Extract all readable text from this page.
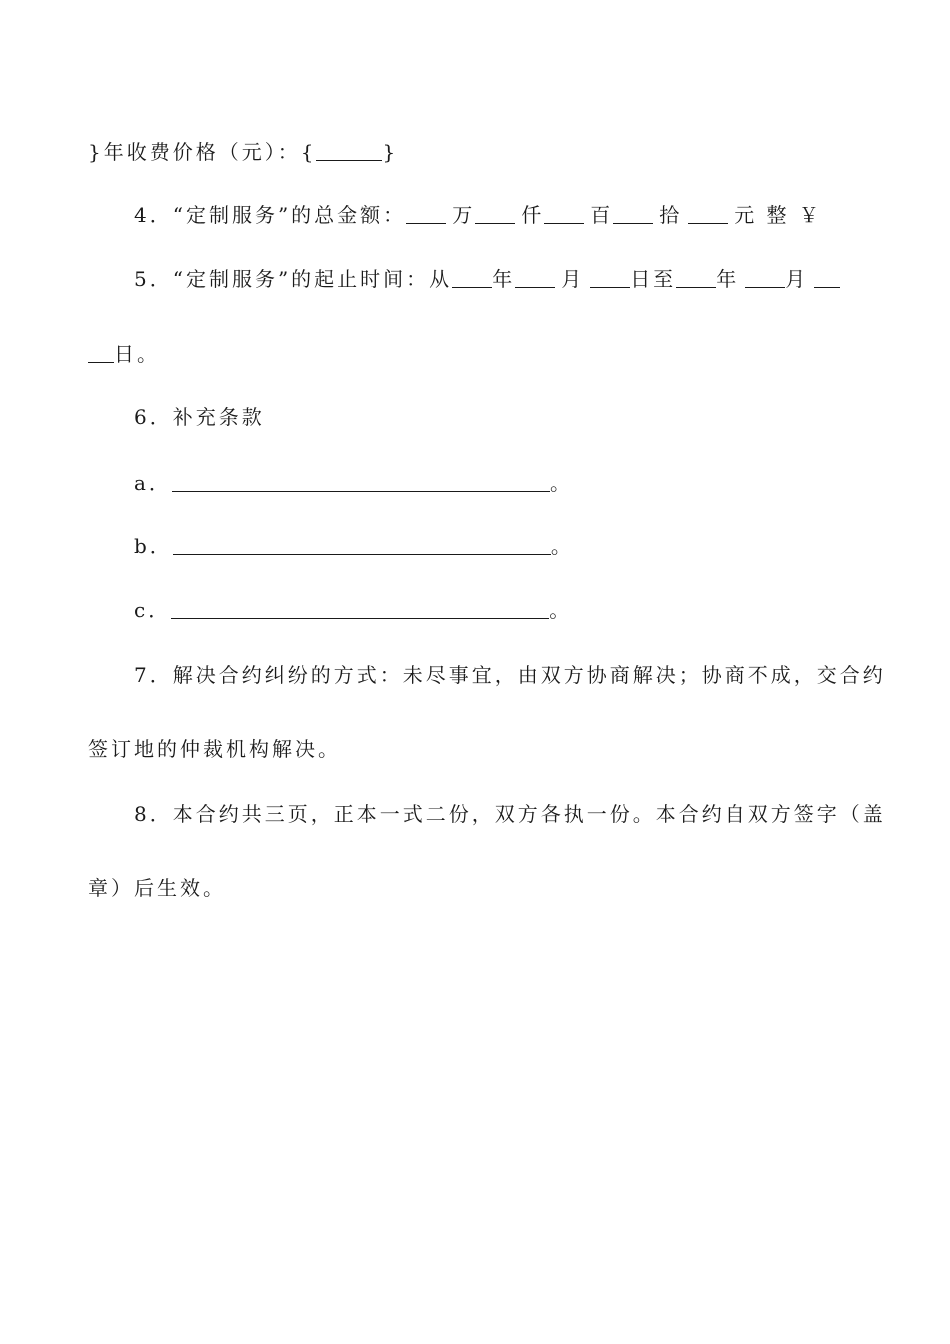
}年收费价格（元）：{	}
4．“定制服务”的总金额： 万 仟 百 拾	元 整 ￥
5．“定制服务”的起止时间：从 年 月 日至 年 月
日。
6．补充条款
a．	。
b．	。
c．	。
7．解决合约纠纷的方式：未尽事宜，由双方协商解决；协商不成，交合约
签订地的仲裁机构解决。
8．本合约共三页，正本一式二份，双方各执一份。本合约自双方签字（盖
章）后生效。
